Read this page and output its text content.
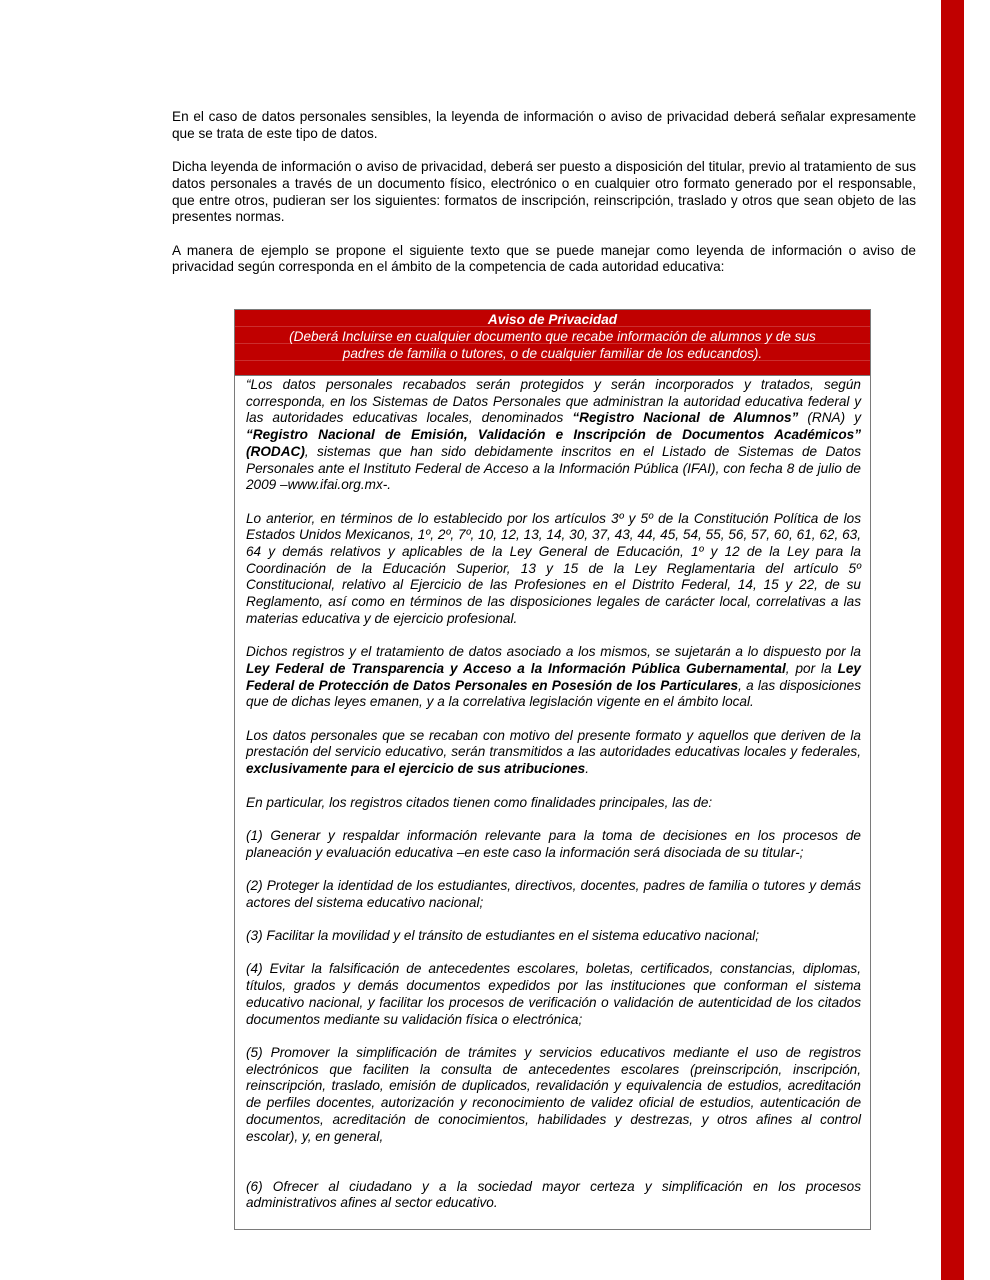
En el caso de datos personales sensibles, la leyenda de información o aviso de privacidad deberá señalar expresamente que se trata de este tipo de datos.

Dicha leyenda de información o aviso de privacidad, deberá ser puesto a disposición del titular, previo al tratamiento de sus datos personales a través de un documento físico, electrónico o en cualquier otro formato generado por el responsable, que entre otros, pudieran ser los siguientes: formatos de inscripción, reinscripción, traslado y otros que sean objeto de las presentes normas.

A manera de ejemplo se propone el siguiente texto que se puede manejar como leyenda de información o aviso de privacidad según corresponda en el ámbito de la competencia de cada autoridad educativa:

Aviso de Privacidad
(Deberá Incluirse en cualquier documento que recabe información de alumnos y de sus
padres de familia o tutores, o de cualquier familiar de los educandos).

“Los datos personales recabados serán protegidos y serán incorporados y tratados, según corresponda, en los Sistemas de Datos Personales que administran la autoridad educativa federal y las autoridades educativas locales, denominados “Registro Nacional de Alumnos” (RNA) y “Registro Nacional de Emisión, Validación e Inscripción de Documentos Académicos” (RODAC), sistemas que han sido debidamente inscritos en el Listado de Sistemas de Datos Personales ante el Instituto Federal de Acceso a la Información Pública (IFAI), con fecha 8 de julio de 2009 –www.ifai.org.mx-.

Lo anterior, en términos de lo establecido por los artículos 3º y 5º de la Constitución Política de los Estados Unidos Mexicanos, 1º, 2º, 7º, 10, 12, 13, 14, 30, 37, 43, 44, 45, 54, 55, 56, 57, 60, 61, 62, 63, 64 y demás relativos y aplicables de la Ley General de Educación, 1º y 12 de la Ley para la Coordinación de la Educación Superior, 13 y 15 de la Ley Reglamentaria del artículo 5º Constitucional, relativo al Ejercicio de las Profesiones en el Distrito Federal, 14, 15 y 22, de su Reglamento, así como en términos de las disposiciones legales de carácter local, correlativas a las materias educativa y de ejercicio profesional.

Dichos registros y el tratamiento de datos asociado a los mismos, se sujetarán a lo dispuesto por la Ley Federal de Transparencia y Acceso a la Información Pública Gubernamental, por la Ley Federal de Protección de Datos Personales en Posesión de los Particulares, a las disposiciones que de dichas leyes emanen, y a la correlativa legislación vigente en el ámbito local.

Los datos personales que se recaban con motivo del presente formato y aquellos que deriven de la prestación del servicio educativo, serán transmitidos a las autoridades educativas locales y federales, exclusivamente para el ejercicio de sus atribuciones.

En particular, los registros citados tienen como finalidades principales, las de:

(1) Generar y respaldar información relevante para la toma de decisiones en los procesos de planeación y evaluación educativa –en este caso la información será disociada de su titular-;

(2) Proteger la identidad de los estudiantes, directivos, docentes, padres de familia o tutores y demás actores del sistema educativo nacional;

(3) Facilitar la movilidad y el tránsito de estudiantes en el sistema educativo nacional;

(4) Evitar la falsificación de antecedentes escolares, boletas, certificados, constancias, diplomas, títulos, grados y demás documentos expedidos por las instituciones que conforman el sistema educativo nacional, y facilitar los procesos de verificación o validación de autenticidad de los citados documentos mediante su validación física o electrónica;

(5) Promover la simplificación de trámites y servicios educativos mediante el uso de registros electrónicos que faciliten la consulta de antecedentes escolares (preinscripción, inscripción, reinscripción, traslado, emisión de duplicados, revalidación y equivalencia de estudios, acreditación de perfiles docentes, autorización y reconocimiento de validez oficial de estudios, autenticación de documentos, acreditación de conocimientos, habilidades y destrezas, y otros afines al control escolar), y, en general,

(6) Ofrecer al ciudadano y a la sociedad mayor certeza y simplificación en los procesos administrativos afines al sector educativo.
